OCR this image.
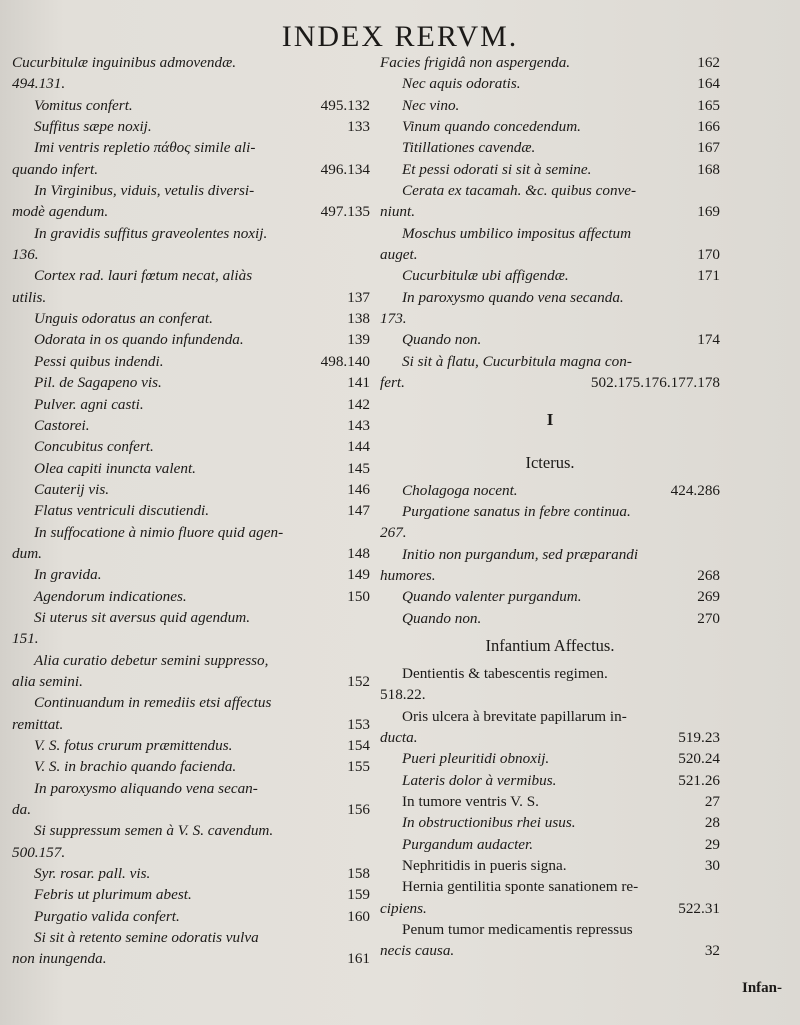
INDEX RERVM.
Cucurbitulæ inguinibus admovendæ.
494.131.
495.132
Vomitus confert.
133
Suffitus sæpe noxij.
Imi ventris repletio πάθος simile ali-
496.134
quando infert.
In Virginibus, viduis, vetulis diversi-
497.135
modè agendum.
In gravidis suffitus graveolentes noxij.
136.
Cortex rad. lauri fœtum necat, aliàs
137
utilis.
138
Unguis odoratus an conferat.
139
Odorata in os quando infundenda.
498.140
Pessi quibus indendi.
141
Pil. de Sagapeno vis.
142
Pulver. agni casti.
143
Castorei.
144
Concubitus confert.
145
Olea capiti inuncta valent.
146
Cauterij vis.
147
Flatus ventriculi discutiendi.
In suffocatione à nimio fluore quid agen-
148
dum.
149
In gravida.
150
Agendorum indicationes.
Si uterus sit aversus quid agendum.
151.
Alia curatio debetur semini suppresso,
152
alia semini.
Continuandum in remediis etsi affectus
153
remittat.
154
V. S. fotus crurum præmittendus.
155
V. S. in brachio quando facienda.
In paroxysmo aliquando vena secan-
156
da.
Si suppressum semen à V. S. cavendum.
500.157.
158
Syr. rosar. pall. vis.
159
Febris ut plurimum abest.
160
Purgatio valida confert.
Si sit à retento semine odoratis vulva
161
non inungenda.
162
Facies frigidâ non aspergenda.
164
Nec aquis odoratis.
165
Nec vino.
166
Vinum quando concedendum.
167
Titillationes cavendæ.
168
Et pessi odorati si sit à semine.
Cerata ex tacamah. &c. quibus conve-
169
niunt.
Moschus umbilico impositus affectum
170
auget.
171
Cucurbitulæ ubi affigendæ.
In paroxysmo quando vena secanda.
173.
174
Quando non.
Si sit à flatu, Cucurbitula magna con-
502.175.176.177.178
fert.
I
Icterus.
424.286
Cholagoga nocent.
Purgatione sanatus in febre continua.
267.
Initio non purgandum, sed præparandi
268
humores.
269
Quando valenter purgandum.
270
Quando non.
Infantium Affectus.
Dentientis & tabescentis regimen.
518.22.
Oris ulcera à brevitate papillarum in-
519.23
ducta.
520.24
Pueri pleuritidi obnoxij.
521.26
Lateris dolor à vermibus.
27
In tumore ventris V. S.
28
In obstructionibus rhei usus.
29
Purgandum audacter.
30
Nephritidis in pueris signa.
Hernia gentilitia sponte sanationem re-
522.31
cipiens.
Penum tumor medicamentis repressus
32
necis causa.
Infan-
